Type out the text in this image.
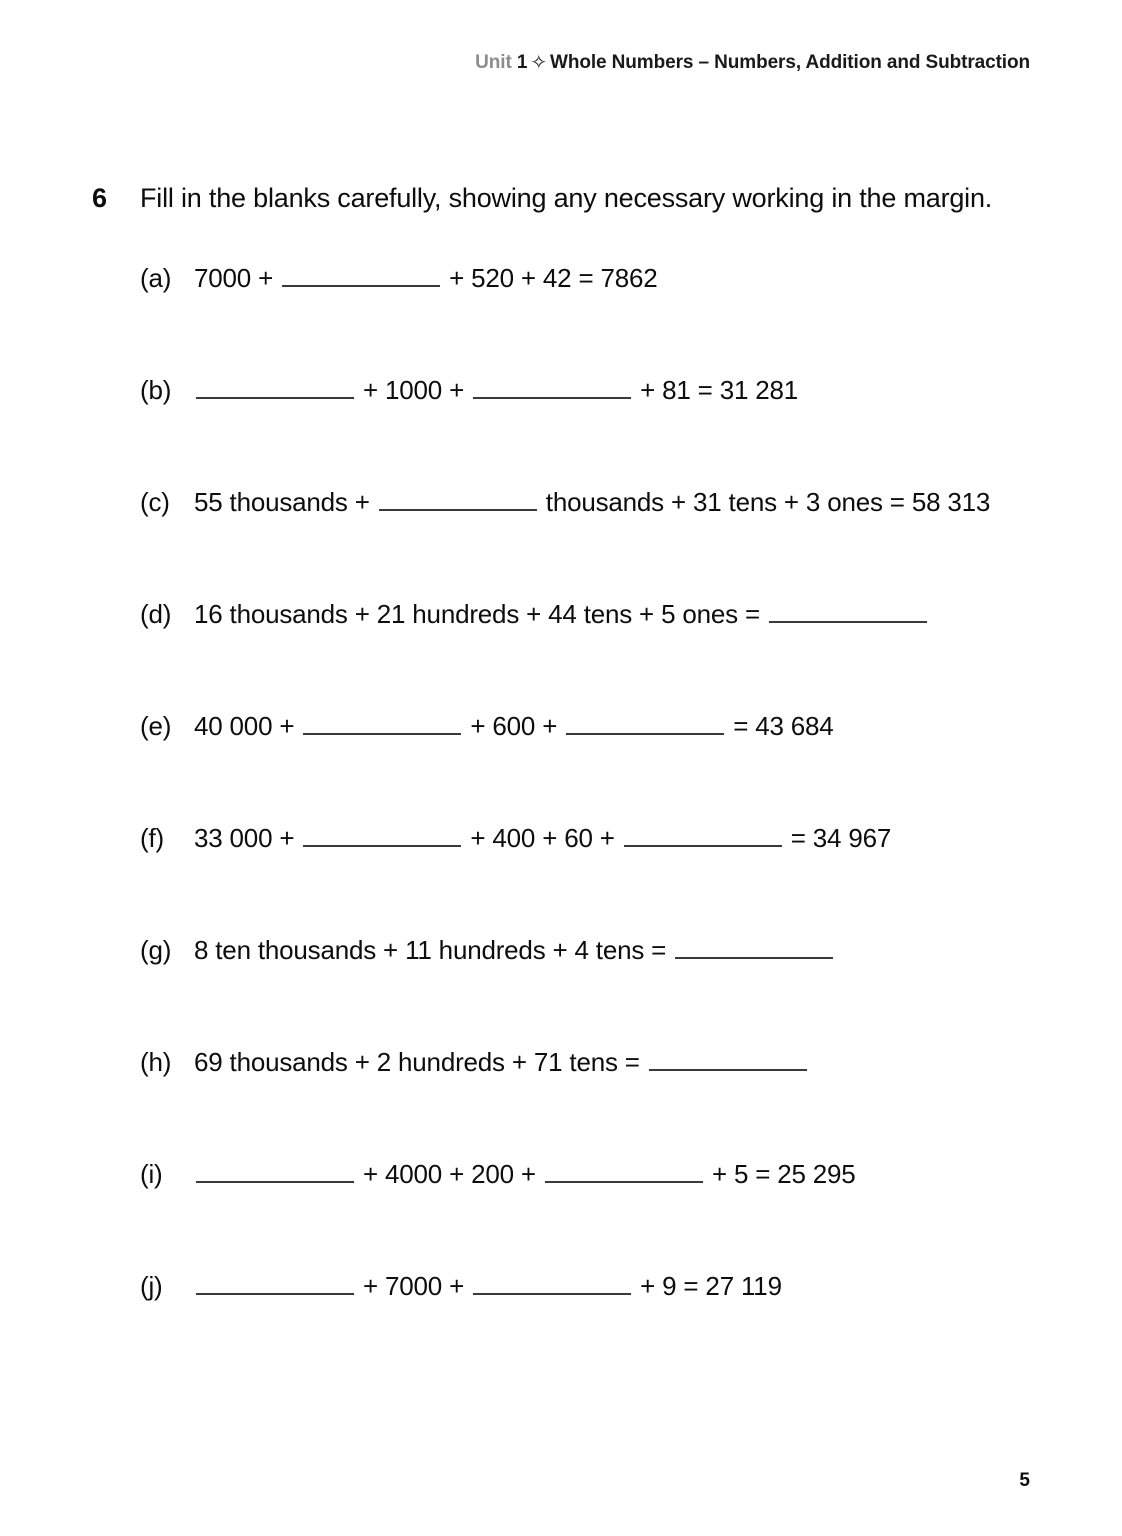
Unit 1 ✧ Whole Numbers – Numbers, Addition and Subtraction
6	Fill in the blanks carefully, showing any necessary working in the margin.
(a) 7000 +	+ 520 + 42 = 7862
(b)	+ 1000 +	+ 81 = 31 281
(c) 55 thousands +	thousands + 31 tens + 3 ones = 58 313
(d) 16 thousands + 21 hundreds + 44 tens + 5 ones =
(e) 40 000 +	+ 600 +	= 43 684
(f)	33 000 +	+ 400 + 60 +	= 34 967
(g) 8 ten thousands + 11 hundreds + 4 tens =
(h) 69 thousands + 2 hundreds + 71 tens =
(i)	+ 4000 + 200 +	+ 5 = 25 295
(j)	+ 7000 +	+ 9 = 27 119
5
